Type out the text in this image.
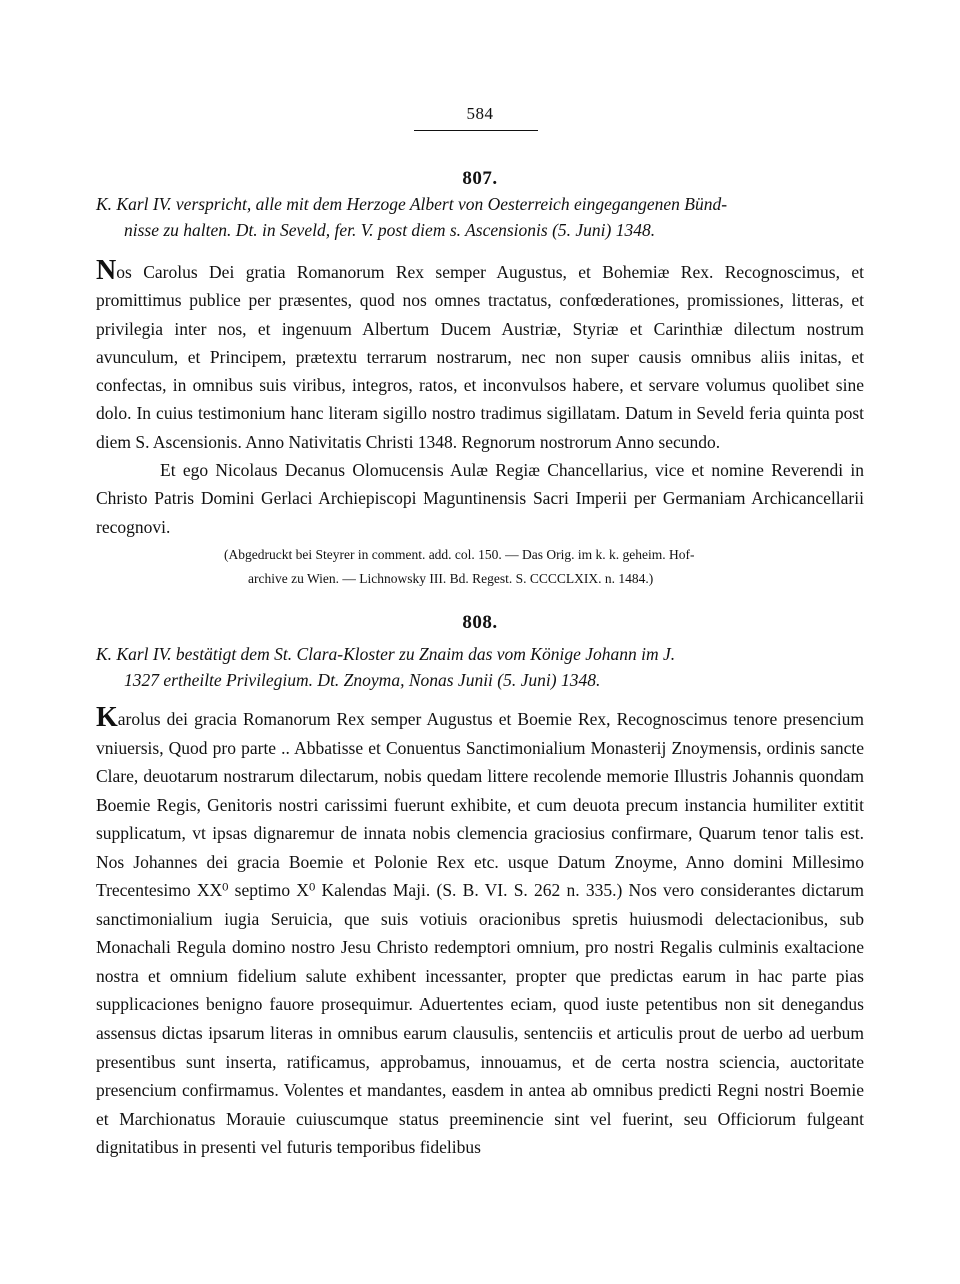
584
807.
K. Karl IV. verspricht, alle mit dem Herzoge Albert von Oesterreich eingegangenen Bünd-
nisse zu halten. Dt. in Seveld, fer. V. post diem s. Ascensionis (5. Juni) 1348.

Nos Carolus Dei gratia Romanorum Rex semper Augustus, et Bohemiæ Rex. Recognoscimus, et promittimus publice per præsentes, quod nos omnes tractatus, confœderationes, promissiones, litteras, et privilegia inter nos, et ingenuum Albertum Ducem Austriæ, Styriæ et Carinthiæ dilectum nostrum avunculum, et Principem, prætextu terrarum nostrarum, nec non super causis omnibus aliis initas, et confectas, in omnibus suis viribus, integros, ratos, et inconvulsos habere, et servare volumus quolibet sine dolo. In cuius testimonium hanc literam sigillo nostro tradimus sigillatam. Datum in Seveld feria quinta post diem S. Ascensionis. Anno Nativitatis Christi 1348. Regnorum nostrorum Anno secundo.

Et ego Nicolaus Decanus Olomucensis Aulæ Regiæ Chancellarius, vice et nomine Reverendi in Christo Patris Domini Gerlaci Archiepiscopi Maguntinensis Sacri Imperii per Germaniam Archicancellarii recognovi.

(Abgedruckt bei Steyrer in comment. add. col. 150. — Das Orig. im k. k. geheim. Hof-
archive zu Wien. — Lichnowsky III. Bd. Regest. S. CCCCLXIX. n. 1484.)
808.
K. Karl IV. bestätigt dem St. Clara-Kloster zu Znaim das vom Könige Johann im J.
1327 ertheilte Privilegium. Dt. Znoyma, Nonas Junii (5. Juni) 1348.

Karolus dei gracia Romanorum Rex semper Augustus et Boemie Rex, Recognoscimus tenore presencium vniuersis, Quod pro parte .. Abbatisse et Conuentus Sanctimonialium Monasterij Znoymensis, ordinis sancte Clare, deuotarum nostrarum dilectarum, nobis quedam littere recolende memorie Illustris Johannis quondam Boemie Regis, Genitoris nostri carissimi fuerunt exhibite, et cum deuota precum instancia humiliter extitit supplicatum, vt ipsas dignaremur de innata nobis clemencia graciosius confirmare, Quarum tenor talis est. Nos Johannes dei gracia Boemie et Polonie Rex etc. usque Datum Znoyme, Anno domini Millesimo Trecentesimo XX⁰ septimo X⁰ Kalendas Maji. (S. B. VI. S. 262 n. 335.) Nos vero considerantes dictarum sanctimonialium iugia Seruicia, que suis votiuis oracionibus spretis huiusmodi delectacionibus, sub Monachali Regula domino nostro Jesu Christo redemptori omnium, pro nostri Regalis culminis exaltacione nostra et omnium fidelium salute exhibent incessanter, propter que predictas earum in hac parte pias supplicaciones benigno fauore prosequimur. Aduertentes eciam, quod iuste petentibus non sit denegandus assensus dictas ipsarum literas in omnibus earum clausulis, sentenciis et articulis prout de uerbo ad uerbum presentibus sunt inserta, ratificamus, approbamus, innouamus, et de certa nostra sciencia, auctoritate presencium confirmamus. Volentes et mandantes, easdem in antea ab omnibus predicti Regni nostri Boemie et Marchionatus Morauie cuiuscumque status preeminencie sint vel fuerint, seu Officiorum fulgeant dignitatibus in presenti vel futuris temporibus fidelibus
